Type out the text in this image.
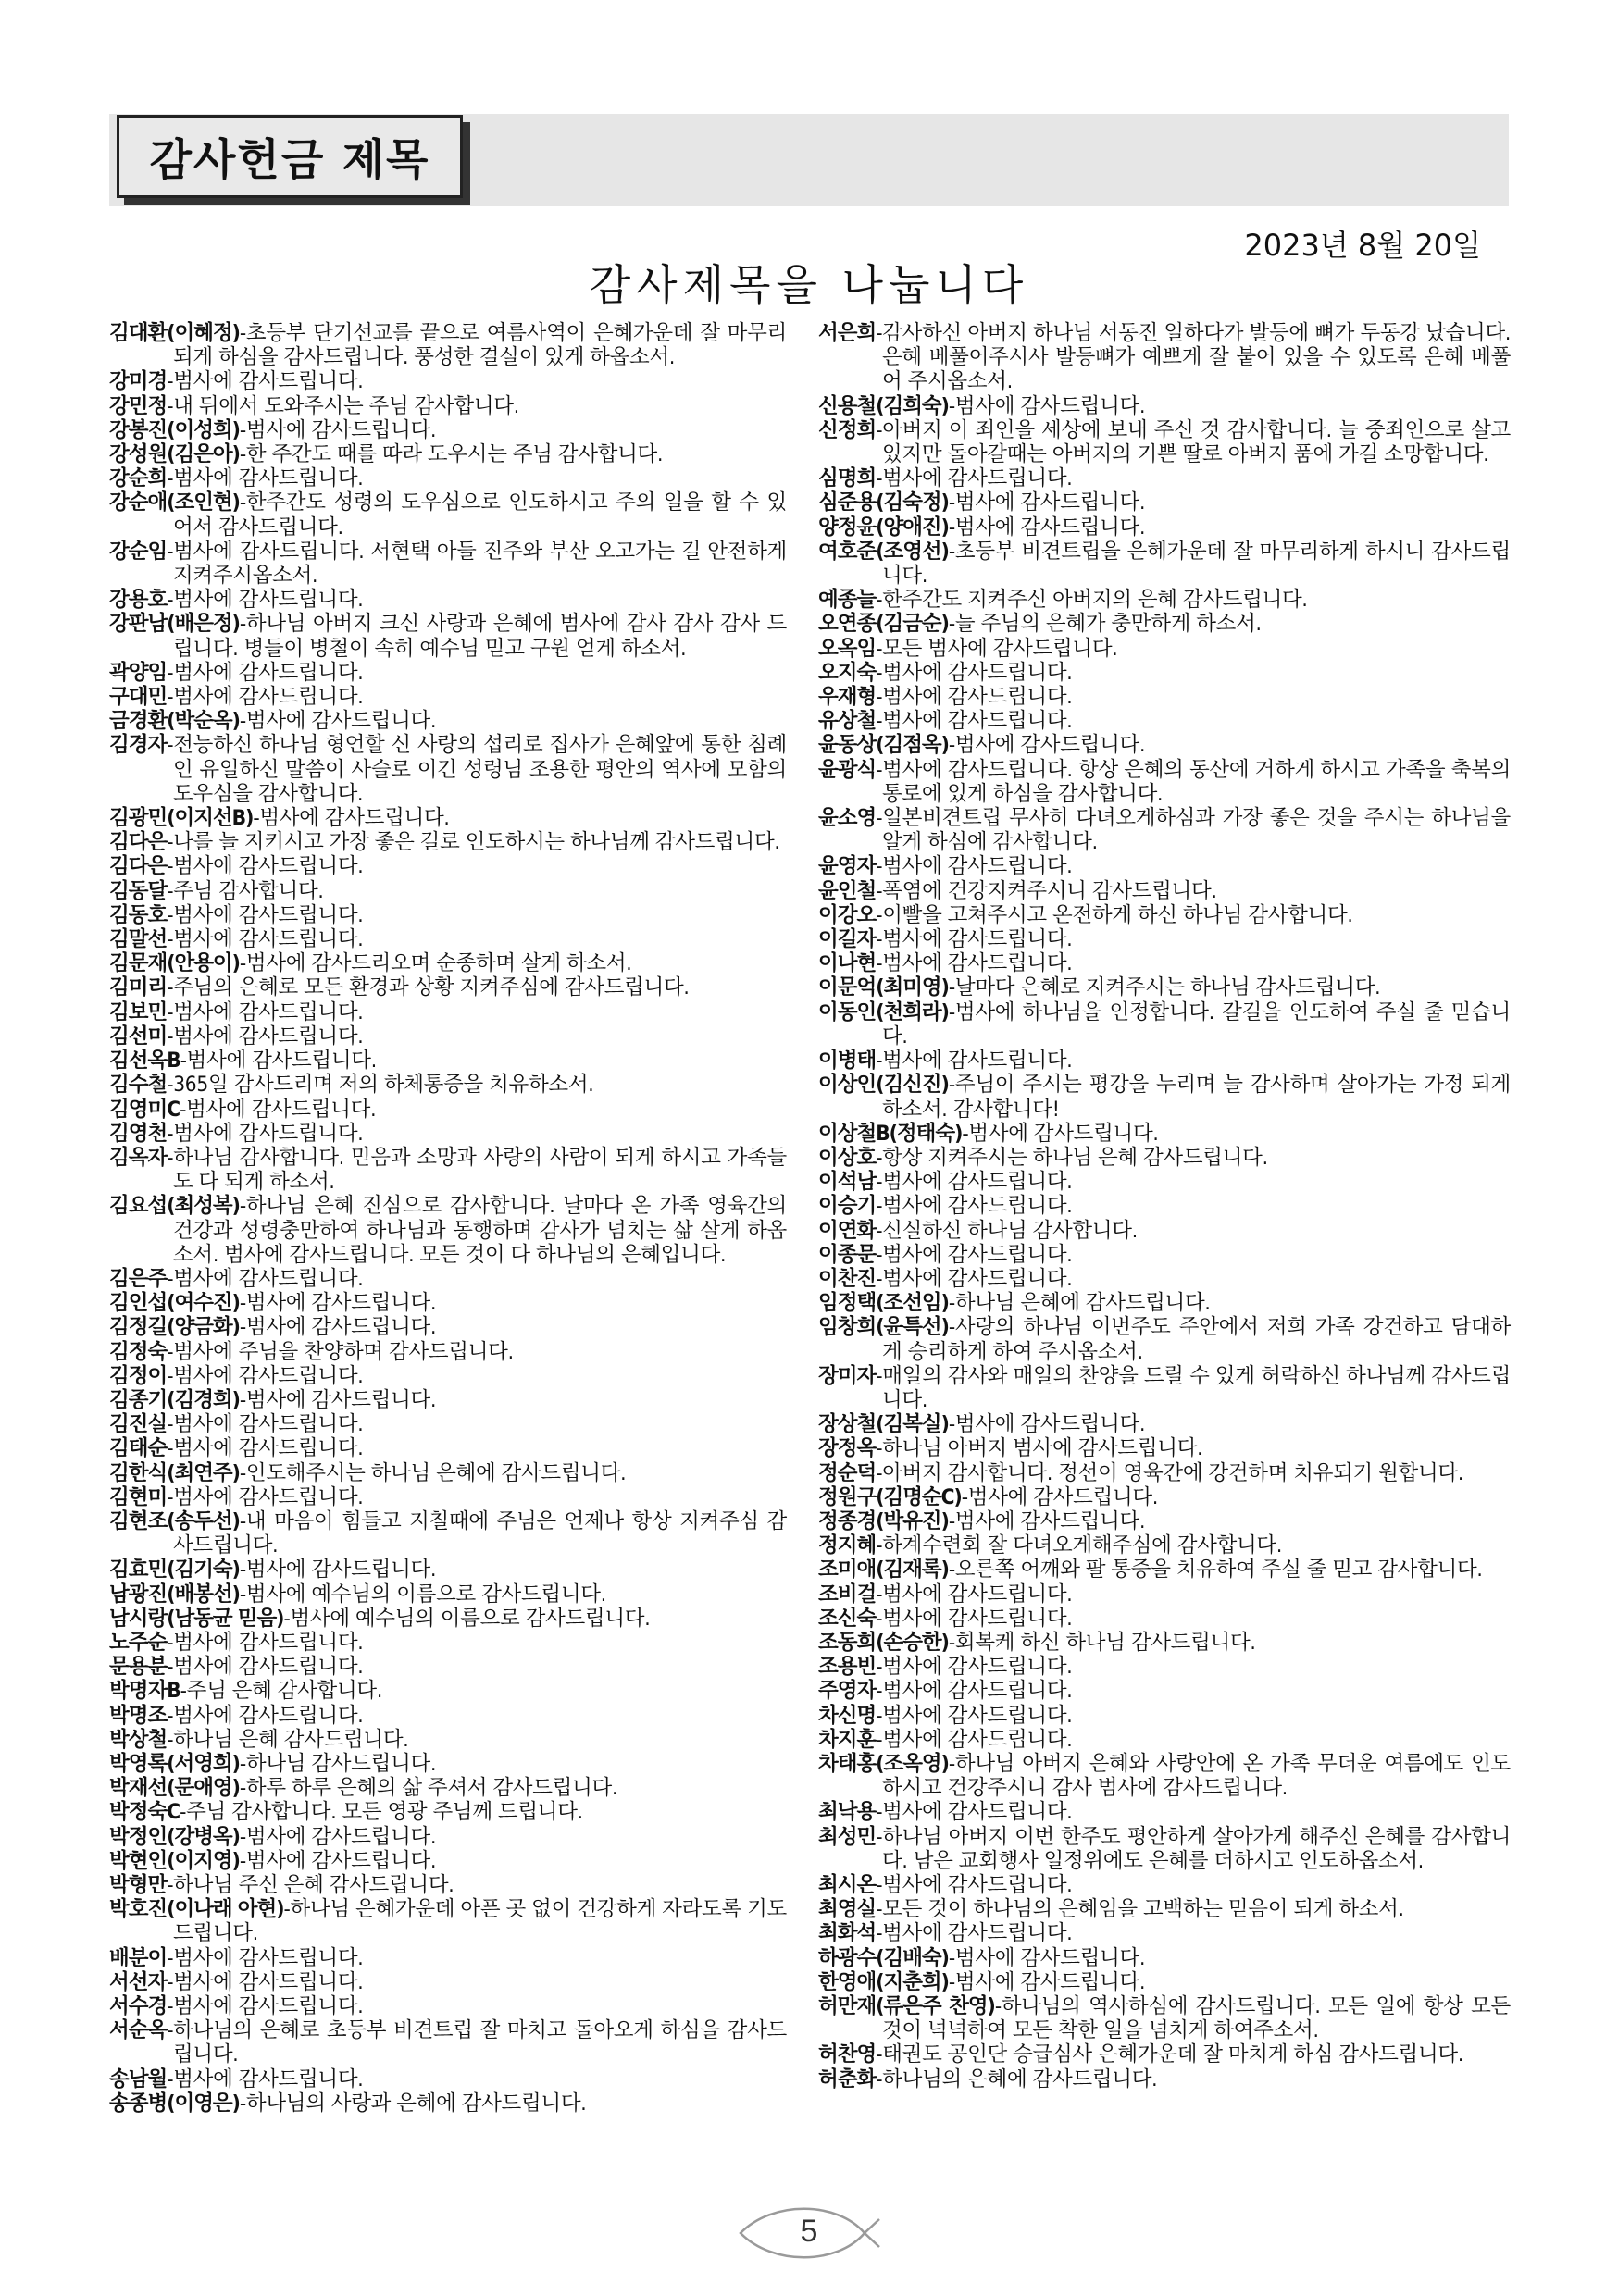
감사헌금 제목
2023년 8월 20일
감사제목을 나눕니다
김대환(이혜정)-초등부 단기선교를 끝으로 여름사역이 은혜가운데 잘 마무리되게 하심을 감사드립니다. 풍성한 결실이 있게 하옵소서.
강미경-범사에 감사드립니다.
강민정-내 뒤에서 도와주시는 주님 감사합니다.
강봉진(이성희)-범사에 감사드립니다.
강성원(김은아)-한 주간도 때를 따라 도우시는 주님 감사합니다.
강순희-범사에 감사드립니다.
강순애(조인현)-한주간도 성령의 도우심으로 인도하시고 주의 일을 할 수 있어서 감사드립니다.
강순임-범사에 감사드립니다. 서현택 아들 진주와 부산 오고가는 길 안전하게 지켜주시옵소서.
강용호-범사에 감사드립니다.
강판남(배은정)-하나님 아버지 크신 사랑과 은혜에 범사에 감사 감사 감사 드립니다. 병들이 병철이 속히 예수님 믿고 구원 얻게 하소서.
곽양임-범사에 감사드립니다.
구대민-범사에 감사드립니다.
금경환(박순옥)-범사에 감사드립니다.
김경자-전능하신 하나님 형언할 신 사랑의 섭리로 집사가 은혜앞에 통한 침례인 유일하신 말씀이 사슬로 이긴 성령님 조용한 평안의 역사에 모함의 도우심을 감사합니다.
김광민(이지선B)-범사에 감사드립니다.
김다은-나를 늘 지키시고 가장 좋은 길로 인도하시는 하나님께 감사드립니다.
김다은-범사에 감사드립니다.
김동달-주님 감사합니다.
김동호-범사에 감사드립니다.
김말선-범사에 감사드립니다.
김문재(안용이)-범사에 감사드리오며 순종하며 살게 하소서.
김미리-주님의 은혜로 모든 환경과 상황 지켜주심에 감사드립니다.
김보민-범사에 감사드립니다.
김선미-범사에 감사드립니다.
김선옥B-범사에 감사드립니다.
김수철-365일 감사드리며 저의 하체통증을 치유하소서.
김영미C-범사에 감사드립니다.
김영천-범사에 감사드립니다.
김옥자-하나님 감사합니다. 믿음과 소망과 사랑의 사람이 되게 하시고 가족들도 다 되게 하소서.
김요섭(최성복)-하나님 은혜 진심으로 감사합니다. 날마다 온 가족 영육간의 건강과 성령충만하여 하나님과 동행하며 감사가 넘치는 삶 살게 하옵소서. 범사에 감사드립니다. 모든 것이 다 하나님의 은혜입니다.
김은주-범사에 감사드립니다.
김인섭(여수진)-범사에 감사드립니다.
김정길(양금화)-범사에 감사드립니다.
김정숙-범사에 주님을 찬양하며 감사드립니다.
김정이-범사에 감사드립니다.
김종기(김경희)-범사에 감사드립니다.
김진실-범사에 감사드립니다.
김태순-범사에 감사드립니다.
김한식(최연주)-인도해주시는 하나님 은혜에 감사드립니다.
김현미-범사에 감사드립니다.
김현조(송두선)-내 마음이 힘들고 지칠때에 주님은 언제나 항상 지켜주심 감사드립니다.
김효민(김기숙)-범사에 감사드립니다.
남광진(배봉선)-범사에 예수님의 이름으로 감사드립니다.
남시랑(남동균 믿음)-범사에 예수님의 이름으로 감사드립니다.
노주순-범사에 감사드립니다.
문용분-범사에 감사드립니다.
박명자B-주님 은혜 감사합니다.
박명조-범사에 감사드립니다.
박상철-하나님 은혜 감사드립니다.
박영록(서영희)-하나님 감사드립니다.
박재선(문애영)-하루 하루 은혜의 삶 주셔서 감사드립니다.
박정숙C-주님 감사합니다. 모든 영광 주님께 드립니다.
박정인(강병옥)-범사에 감사드립니다.
박현인(이지영)-범사에 감사드립니다.
박형만-하나님 주신 은혜 감사드립니다.
박호진(이나래 아현)-하나님 은혜가운데 아픈 곳 없이 건강하게 자라도록 기도드립니다.
배분이-범사에 감사드립니다.
서선자-범사에 감사드립니다.
서수경-범사에 감사드립니다.
서순옥-하나님의 은혜로 초등부 비견트립 잘 마치고 돌아오게 하심을 감사드립니다.
송남월-범사에 감사드립니다.
송종병(이영은)-하나님의 사랑과 은혜에 감사드립니다.
서은희-감사하신 아버지 하나님 서동진 일하다가 발등에 뼈가 두동강 났습니다. 은혜 베풀어주시사 발등뼈가 예쁘게 잘 붙어 있을 수 있도록 은혜 베풀어 주시옵소서.
신용철(김희숙)-범사에 감사드립니다.
신정희-아버지 이 죄인을 세상에 보내 주신 것 감사합니다. 늘 중죄인으로 살고 있지만 돌아갈때는 아버지의 기쁜 딸로 아버지 품에 가길 소망합니다.
심명희-범사에 감사드립니다.
심준용(김숙정)-범사에 감사드립니다.
양정윤(양애진)-범사에 감사드립니다.
여호준(조영선)-초등부 비견트립을 은혜가운데 잘 마무리하게 하시니 감사드립니다.
예종늘-한주간도 지켜주신 아버지의 은혜 감사드립니다.
오연종(김금순)-늘 주님의 은혜가 충만하게 하소서.
오옥임-모든 범사에 감사드립니다.
오지숙-범사에 감사드립니다.
우재형-범사에 감사드립니다.
유상철-범사에 감사드립니다.
윤동상(김점옥)-범사에 감사드립니다.
윤광식-범사에 감사드립니다. 항상 은혜의 동산에 거하게 하시고 가족을 축복의 통로에 있게 하심을 감사합니다.
윤소영-일본비견트립 무사히 다녀오게하심과 가장 좋은 것을 주시는 하나님을 알게 하심에 감사합니다.
윤영자-범사에 감사드립니다.
윤인철-폭염에 건강지켜주시니 감사드립니다.
이강오-이빨을 고쳐주시고 온전하게 하신 하나님 감사합니다.
이길자-범사에 감사드립니다.
이나현-범사에 감사드립니다.
이문억(최미영)-날마다 은혜로 지켜주시는 하나님 감사드립니다.
이동인(천희라)-범사에 하나님을 인정합니다. 갈길을 인도하여 주실 줄 믿습니다.
이병태-범사에 감사드립니다.
이상인(김신진)-주님이 주시는 평강을 누리며 늘 감사하며 살아가는 가정 되게 하소서. 감사합니다!
이상철B(정태숙)-범사에 감사드립니다.
이상호-항상 지켜주시는 하나님 은혜 감사드립니다.
이석남-범사에 감사드립니다.
이승기-범사에 감사드립니다.
이연화-신실하신 하나님 감사합니다.
이종문-범사에 감사드립니다.
이찬진-범사에 감사드립니다.
임정택(조선임)-하나님 은혜에 감사드립니다.
임창희(윤특선)-사랑의 하나님 이번주도 주안에서 저희 가족 강건하고 담대하게 승리하게 하여 주시옵소서.
장미자-매일의 감사와 매일의 찬양을 드릴 수 있게 허락하신 하나님께 감사드립니다.
장상철(김복실)-범사에 감사드립니다.
장정옥-하나님 아버지 범사에 감사드립니다.
정순덕-아버지 감사합니다. 정선이 영육간에 강건하며 치유되기 원합니다.
정원구(김명순C)-범사에 감사드립니다.
정종경(박유진)-범사에 감사드립니다.
정지혜-하계수련회 잘 다녀오게해주심에 감사합니다.
조미애(김재록)-오른쪽 어깨와 팔 통증을 치유하여 주실 줄 믿고 감사합니다.
조비걸-범사에 감사드립니다.
조신숙-범사에 감사드립니다.
조동희(손승한)-회복케 하신 하나님 감사드립니다.
조용빈-범사에 감사드립니다.
주영자-범사에 감사드립니다.
차신명-범사에 감사드립니다.
차지훈-범사에 감사드립니다.
차태홍(조옥영)-하나님 아버지 은혜와 사랑안에 온 가족 무더운 여름에도 인도하시고 건강주시니 감사 범사에 감사드립니다.
최낙용-범사에 감사드립니다.
최성민-하나님 아버지 이번 한주도 평안하게 살아가게 해주신 은혜를 감사합니다. 남은 교회행사 일정위에도 은혜를 더하시고 인도하옵소서.
최시온-범사에 감사드립니다.
최영실-모든 것이 하나님의 은혜임을 고백하는 믿음이 되게 하소서.
최화석-범사에 감사드립니다.
하광수(김배숙)-범사에 감사드립니다.
한영애(지춘희)-범사에 감사드립니다.
허만재(류은주 찬영)-하나님의 역사하심에 감사드립니다. 모든 일에 항상 모든 것이 넉넉하여 모든 착한 일을 넘치게 하여주소서.
허찬영-태권도 공인단 승급심사 은혜가운데 잘 마치게 하심 감사드립니다.
허춘화-하나님의 은혜에 감사드립니다.
5
